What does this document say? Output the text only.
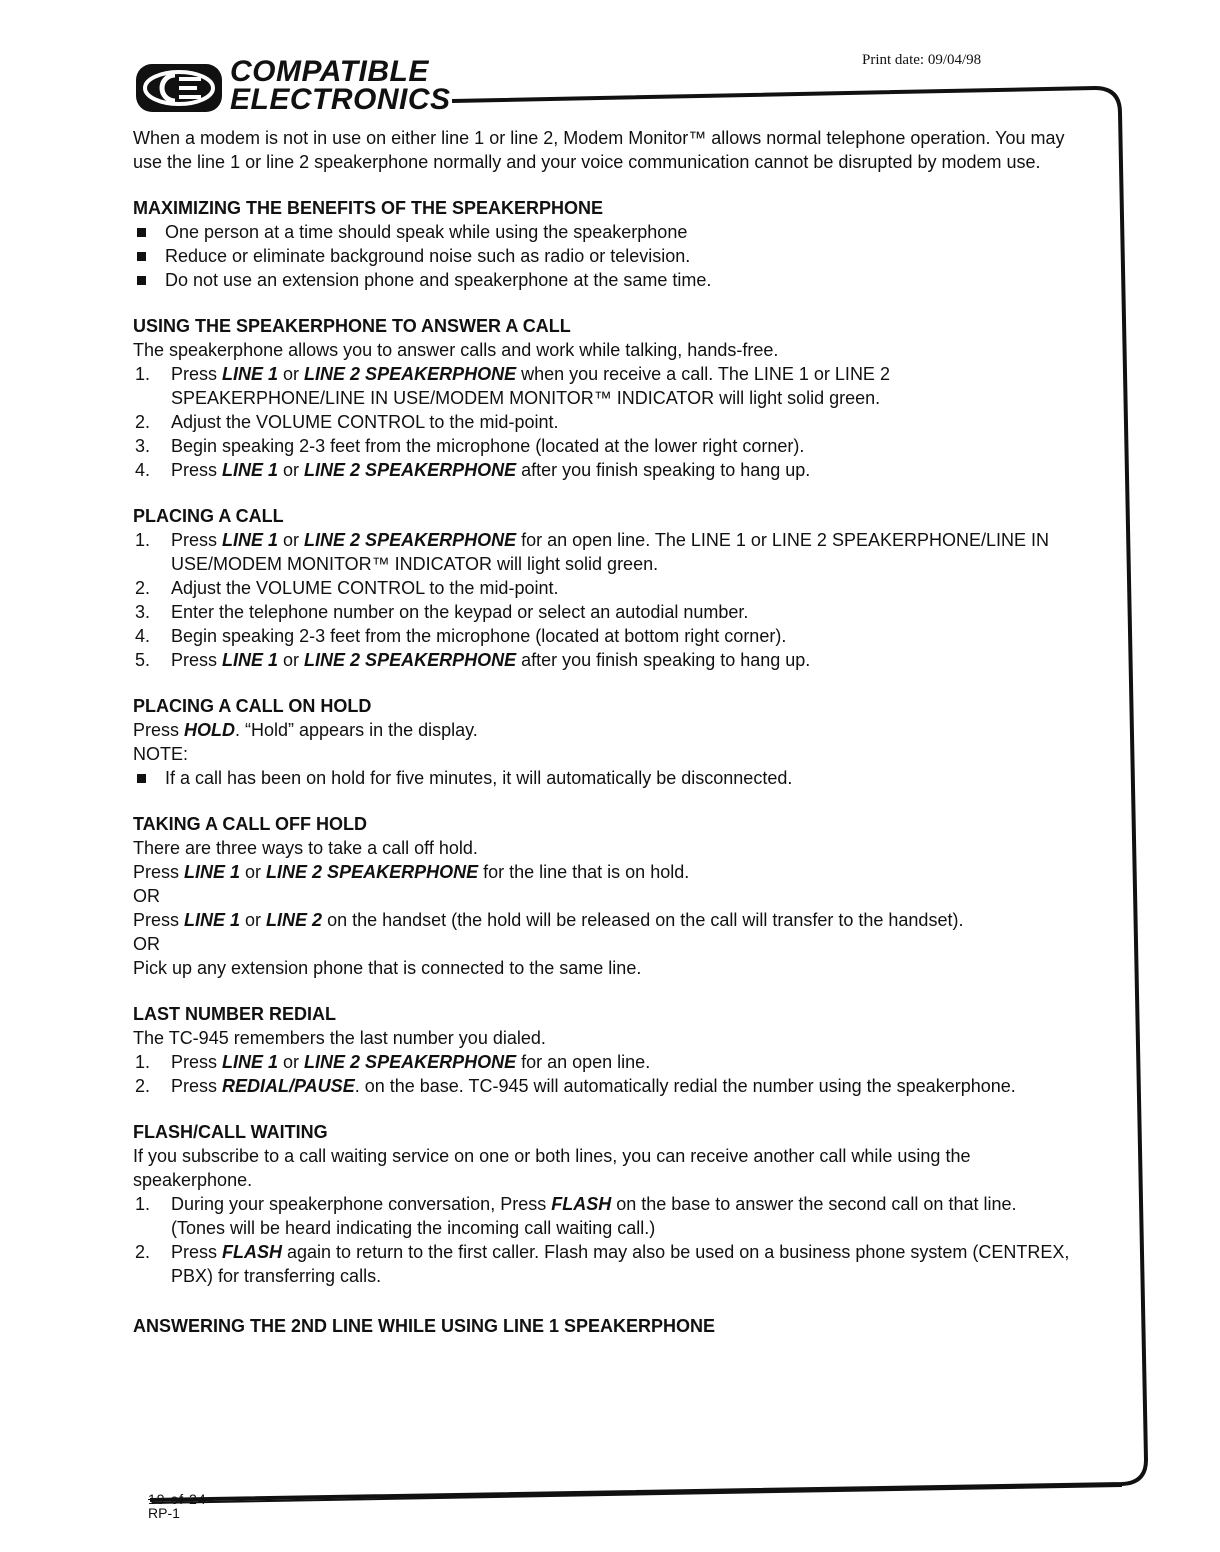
COMPATIBLE
ELECTRONICS
Print date: 09/04/98

When a modem is not in use on either line 1 or line 2, Modem Monitor™ allows normal telephone operation. You may use the line 1 or line 2 speakerphone normally and your voice communication cannot be disrupted by modem use.

MAXIMIZING THE BENEFITS OF THE SPEAKERPHONE
One person at a time should speak while using the speakerphone
Reduce or eliminate background noise such as radio or television.
Do not use an extension phone and speakerphone at the same time.
USING THE SPEAKERPHONE TO ANSWER A CALL

The speakerphone allows you to answer calls and work while talking, hands-free.

1. Press LINE 1 or LINE 2 SPEAKERPHONE when you receive a call. The LINE 1 or LINE 2 SPEAKERPHONE/LINE IN USE/MODEM MONITOR™ INDICATOR will light solid green.
2. Adjust the VOLUME CONTROL to the mid-point.
3. Begin speaking 2-3 feet from the microphone (located at the lower right corner).
4. Press LINE 1 or LINE 2 SPEAKERPHONE after you finish speaking to hang up.
PLACING A CALL
1. Press LINE 1 or LINE 2 SPEAKERPHONE for an open line. The LINE 1 or LINE 2 SPEAKERPHONE/LINE IN USE/MODEM MONITOR™ INDICATOR will light solid green.
2. Adjust the VOLUME CONTROL to the mid-point.
3. Enter the telephone number on the keypad or select an autodial number.
4. Begin speaking 2-3 feet from the microphone (located at bottom right corner).
5. Press LINE 1 or LINE 2 SPEAKERPHONE after you finish speaking to hang up.
PLACING A CALL ON HOLD

Press HOLD. “Hold” appears in the display.

NOTE:

If a call has been on hold for five minutes, it will automatically be disconnected.
TAKING A CALL OFF HOLD

There are three ways to take a call off hold.

Press LINE 1 or LINE 2 SPEAKERPHONE for the line that is on hold.

OR

Press LINE 1 or LINE 2 on the handset (the hold will be released on the call will transfer to the handset).

OR

Pick up any extension phone that is connected to the same line.

LAST NUMBER REDIAL

The TC-945 remembers the last number you dialed.

1. Press LINE 1 or LINE 2 SPEAKERPHONE for an open line.
2. Press REDIAL/PAUSE. on the base. TC-945 will automatically redial the number using the speakerphone.
FLASH/CALL WAITING

If you subscribe to a call waiting service on one or both lines, you can receive another call while using the speakerphone.

1. During your speakerphone conversation, Press FLASH on the base to answer the second call on that line. (Tones will be heard indicating the incoming call waiting call.)
2. Press FLASH again to return to the first caller. Flash may also be used on a business phone system (CENTREX, PBX) for transferring calls.
ANSWERING THE 2ND LINE WHILE USING LINE 1 SPEAKERPHONE
19 of 24
RP-1
